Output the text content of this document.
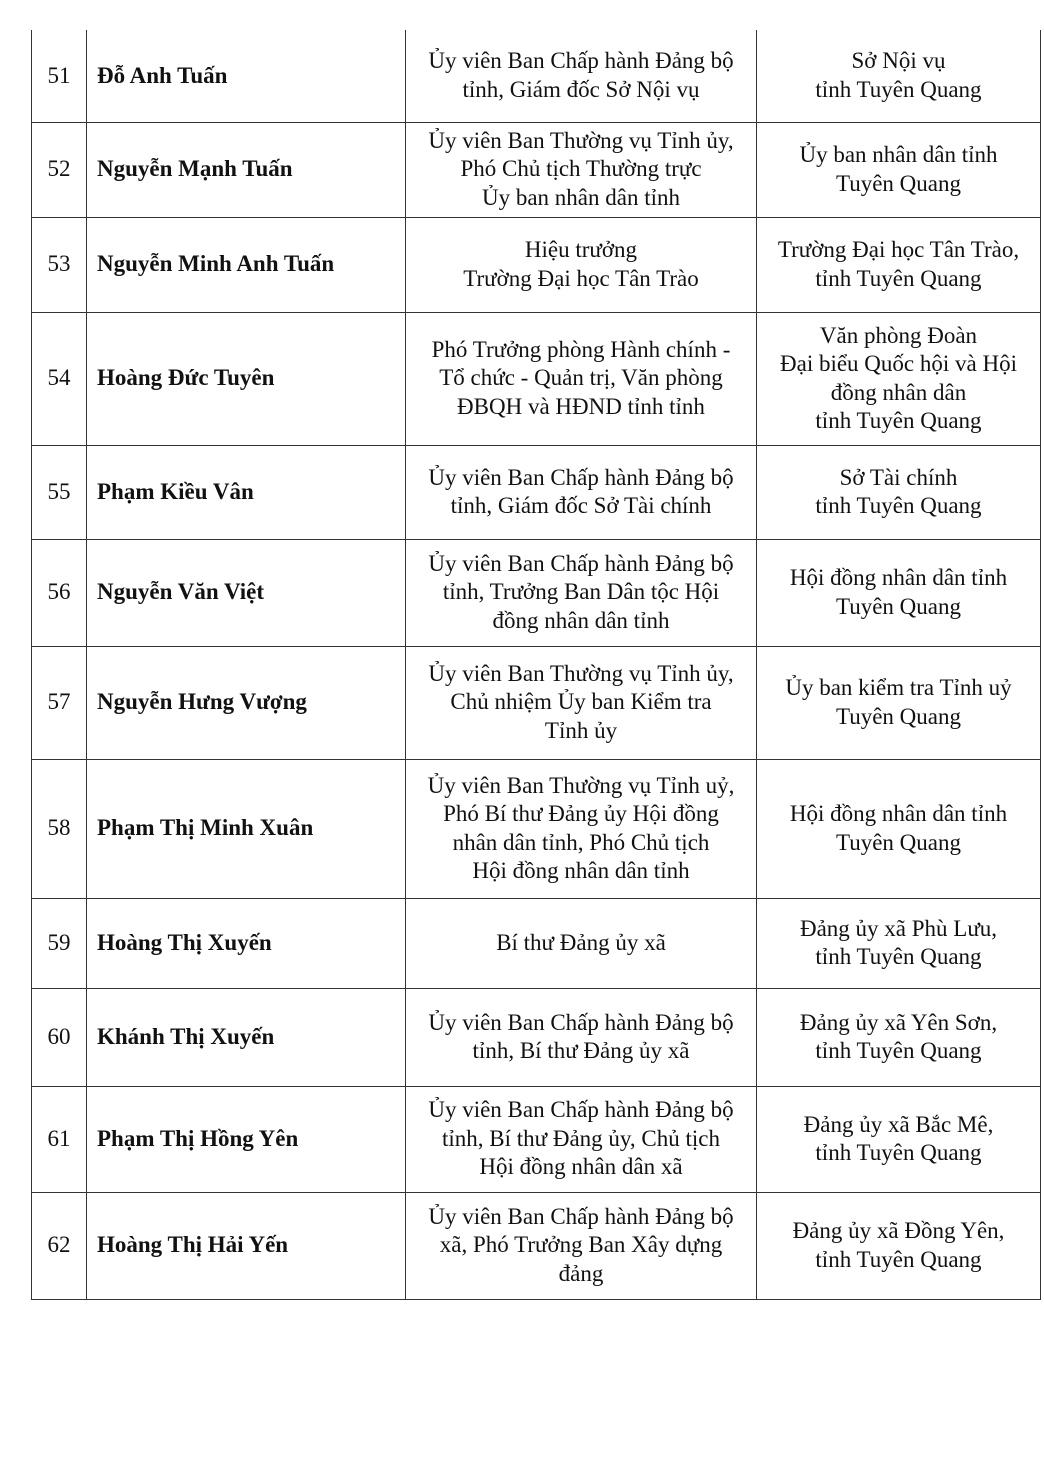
51	Đỗ Anh Tuấn	Ủy viên Ban Chấp hành Đảng bộ
tỉnh, Giám đốc Sở Nội vụ	Sở Nội vụ
tỉnh Tuyên Quang

52	Nguyễn Mạnh Tuấn	Ủy viên Ban Thường vụ Tỉnh ủy,
Phó Chủ tịch Thường trực
Ủy ban nhân dân tỉnh	Ủy ban nhân dân tỉnh
Tuyên Quang

53	Nguyễn Minh Anh Tuấn	Hiệu trưởng
Trường Đại học Tân Trào	Trường Đại học Tân Trào,
tỉnh Tuyên Quang

54	Hoàng Đức Tuyên	Phó Trưởng phòng Hành chính -
Tổ chức - Quản trị, Văn phòng
ĐBQH và HĐND tỉnh tỉnh	Văn phòng Đoàn
Đại biểu Quốc hội và Hội
đồng nhân dân
tỉnh Tuyên Quang

55	Phạm Kiều Vân	Ủy viên Ban Chấp hành Đảng bộ
tỉnh, Giám đốc Sở Tài chính	Sở Tài chính
tỉnh Tuyên Quang

56	Nguyễn Văn Việt	Ủy viên Ban Chấp hành Đảng bộ
tỉnh, Trưởng Ban Dân tộc Hội
đồng nhân dân tỉnh	Hội đồng nhân dân tỉnh
Tuyên Quang

57	Nguyễn Hưng Vượng	Ủy viên Ban Thường vụ Tỉnh ủy,
Chủ nhiệm Ủy ban Kiểm tra
Tỉnh ủy	Ủy ban kiểm tra Tỉnh uỷ
Tuyên Quang

58	Phạm Thị Minh Xuân	Ủy viên Ban Thường vụ Tỉnh uỷ,
Phó Bí thư Đảng ủy Hội đồng
nhân dân tỉnh, Phó Chủ tịch
Hội đồng nhân dân tỉnh	Hội đồng nhân dân tỉnh
Tuyên Quang

59	Hoàng Thị Xuyến	Bí thư Đảng ủy xã	Đảng ủy xã Phù Lưu,
tỉnh Tuyên Quang

60	Khánh Thị Xuyến	Ủy viên Ban Chấp hành Đảng bộ
tỉnh, Bí thư Đảng ủy xã	Đảng ủy xã Yên Sơn,
tỉnh Tuyên Quang

61	Phạm Thị Hồng Yên	Ủy viên Ban Chấp hành Đảng bộ
tỉnh, Bí thư Đảng ủy, Chủ tịch
Hội đồng nhân dân xã	Đảng ủy xã Bắc Mê,
tỉnh Tuyên Quang

62	Hoàng Thị Hải Yến	Ủy viên Ban Chấp hành Đảng bộ
xã, Phó Trưởng Ban Xây dựng
đảng	Đảng ủy xã Đồng Yên,
tỉnh Tuyên Quang
